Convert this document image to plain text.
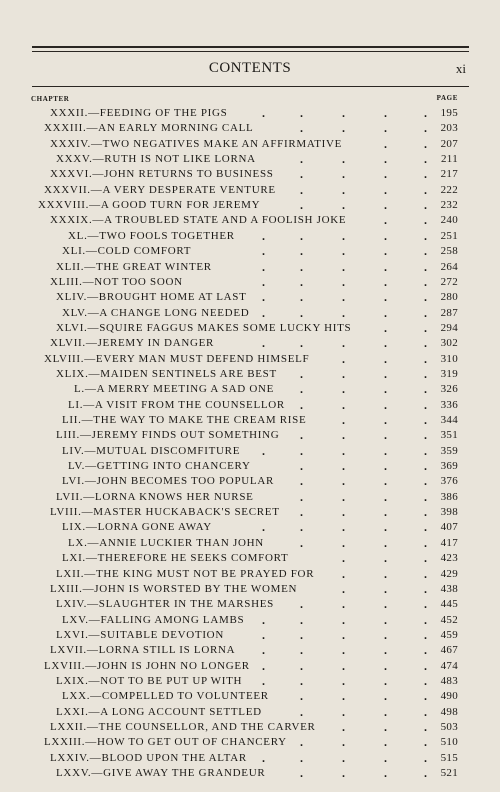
CONTENTS	xi
CHAPTER	PAGE
XXXII.—FEEDING OF THE PIGS	195
.	.	.	.	.
XXXIII.—AN EARLY MORNING CALL	203
.	.	.	.
XXXIV.—TWO NEGATIVES MAKE AN AFFIRMATIVE	207
.	.
XXXV.—RUTH IS NOT LIKE LORNA	211
.	.	.	.
XXXVI.—JOHN RETURNS TO BUSINESS	217
.	.	.	.
XXXVII.—A VERY DESPERATE VENTURE	222
.	.	.	.
XXXVIII.—A GOOD TURN FOR JEREMY	232
.	.	.	.
XXXIX.—A TROUBLED STATE AND A FOOLISH JOKE	240
.	.
XL.—TWO FOOLS TOGETHER	251
.	.	.	.	.
XLI.—COLD COMFORT	258
.	.	.	.	.
XLII.—THE GREAT WINTER	264
.	.	.	.	.
XLIII.—NOT TOO SOON	272
.	.	.	.	.
XLIV.—BROUGHT HOME AT LAST	280
.	.	.	.	.
XLV.—A CHANGE LONG NEEDED	287
.	.	.	.	.
XLVI.—SQUIRE FAGGUS MAKES SOME LUCKY HITS	294
.	.
XLVII.—JEREMY IN DANGER	302
.	.	.	.	.
XLVIII.—EVERY MAN MUST DEFEND HIMSELF	310
.	.	.
XLIX.—MAIDEN SENTINELS ARE BEST	319
.	.	.	.
L.—A MERRY MEETING A SAD ONE	326
.	.	.	.
LI.—A VISIT FROM THE COUNSELLOR	336
.	.	.	.
LII.—THE WAY TO MAKE THE CREAM RISE	344
.	.	.
LIII.—JEREMY FINDS OUT SOMETHING	351
.	.	.	.
LIV.—MUTUAL DISCOMFITURE	359
.	.	.	.	.
LV.—GETTING INTO CHANCERY	369
.	.	.	.
LVI.—JOHN BECOMES TOO POPULAR	376
.	.	.	.
LVII.—LORNA KNOWS HER NURSE	386
.	.	.	.
LVIII.—MASTER HUCKABACK'S SECRET	398
.	.	.	.
LIX.—LORNA GONE AWAY	407
.	.	.	.	.
LX.—ANNIE LUCKIER THAN JOHN	417
.	.	.	.
LXI.—THEREFORE HE SEEKS COMFORT	423
.	.	.
LXII.—THE KING MUST NOT BE PRAYED FOR	429
.	.	.
LXIII.—JOHN IS WORSTED BY THE WOMEN	438
.	.	.
LXIV.—SLAUGHTER IN THE MARSHES	445
.	.	.	.
LXV.—FALLING AMONG LAMBS	452
.	.	.	.	.
LXVI.—SUITABLE DEVOTION	459
.	.	.	.	.
LXVII.—LORNA STILL IS LORNA	467
.	.	.	.	.
LXVIII.—JOHN IS JOHN NO LONGER	474
.	.	.	.	.
LXIX.—NOT TO BE PUT UP WITH	483
.	.	.	.	.
LXX.—COMPELLED TO VOLUNTEER	490
.	.	.	.
LXXI.—A LONG ACCOUNT SETTLED	498
.	.	.	.
LXXII.—THE COUNSELLOR, AND THE CARVER	503
.	.	.
LXXIII.—HOW TO GET OUT OF CHANCERY	510
.	.	.	.
LXXIV.—BLOOD UPON THE ALTAR	515
.	.	.	.	.
LXXV.—GIVE AWAY THE GRANDEUR	521
.	.	.	.
